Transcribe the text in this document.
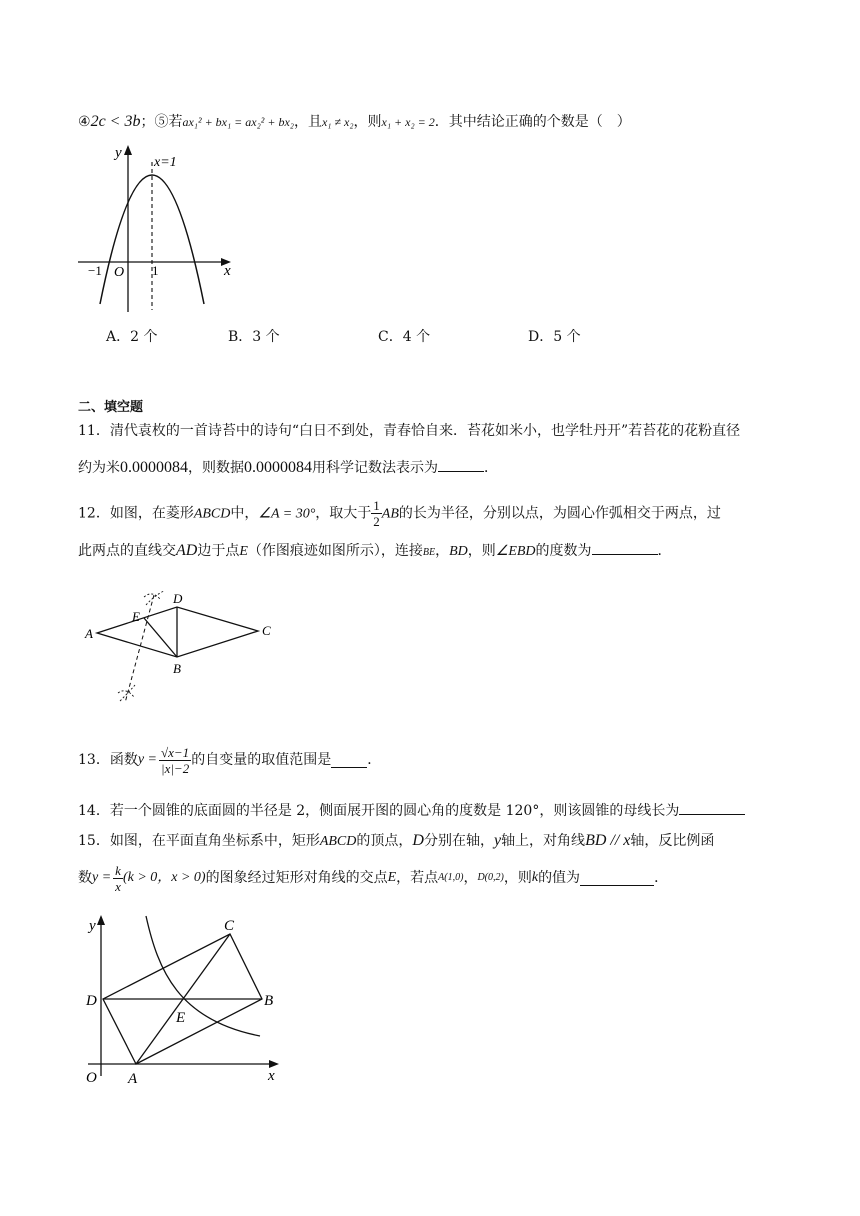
④2c < 3b；⑤若ax₁² + bx₁ = ax₂² + bx₂，且x₁ ≠ x₂，则x₁ + x₂ = 2．其中结论正确的个数是（　）
y
x
x=1
−1 O 1
A．2 个	B．3 个	C．4 个	D．5 个
二、填空题
11．清代袁枚的一首诗苔中的诗句“白日不到处，青春恰自来．苔花如米小，也学牡丹开”若苔花的花粉直径
约为米0.0000084，则数据0.0000084用科学记数法表示为	．
12．如图，在菱形ABCD中，∠A = 30°，取大于 $\frac{1}{2}$ AB的长为半径，分别以点，为圆心作弧相交于两点，过
此两点的直线交AD边于点E（作图痕迹如图所示），连接BE，BD，则∠EBD的度数为	．
A
D
C
B
E
13．函数 $y = \frac{√x-1}{|x|-2}$ 的自变量的取值范围是	．
14．若一个圆锥的底面圆的半径是 2，侧面展开图的圆心角的度数是 120°，则该圆锥的母线长为
15．如图，在平面直角坐标系中，矩形ABCD的顶点，D分别在轴，y轴上，对角线BD // x轴，反比例函
数 $y = \frac{k}{x} (k > 0$，x > 0) 的图象经过矩形对角线的交点 E ，若点 A(1,0) ， D(0,2) ，则 k 的值为	．
y
x
O A
B
C
D
E
